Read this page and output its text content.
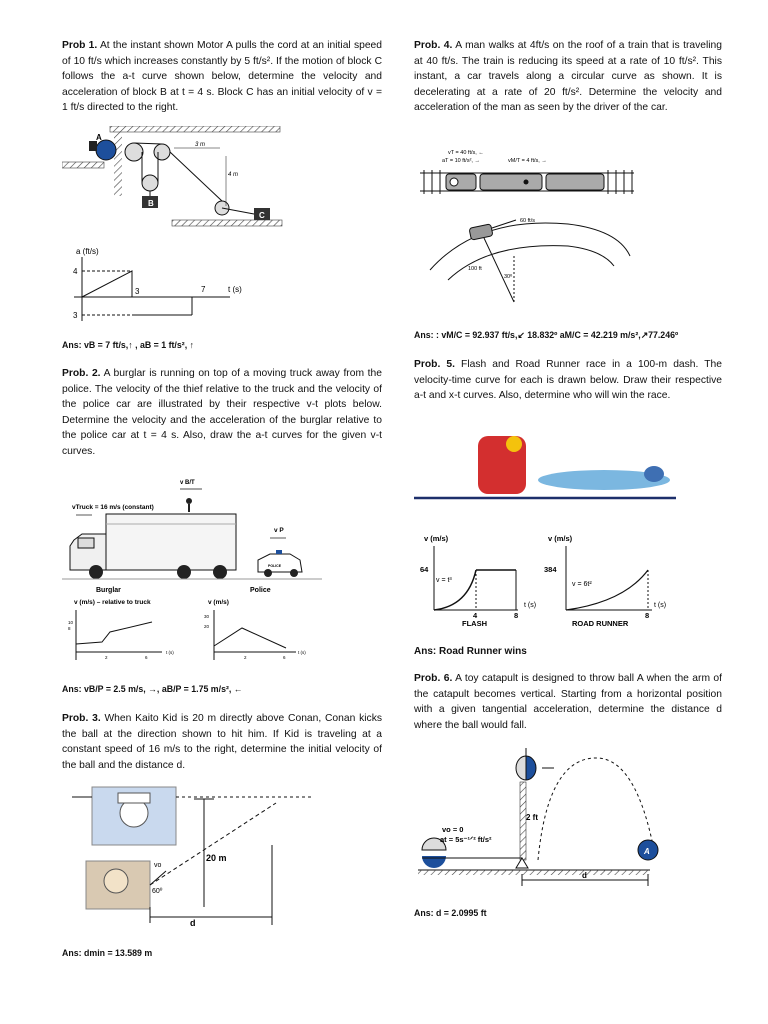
Prob 1. At the instant shown Motor A pulls the cord at an initial speed of 10 ft/s which increases constantly by 5 ft/s². If the motion of block C follows the a-t curve shown below, determine the velocity and acceleration of block B at t = 4 s. Block C has an initial velocity of v = 1 ft/s directed to the right.

A
B
C
3 m
4 m
a (ft/s)
t (s)
4
3
3	7

Ans: vB = 7 ft/s,↑ , aB = 1 ft/s², ↑

Prob. 2. A burglar is running on top of a moving truck away from the police. The velocity of the thief relative to the truck and the velocity of the police car are illustrated by their respective v-t plots below. Determine the velocity and the acceleration of the burglar relative to the police car at t = 4 s. Also, draw the a-t curves for the given v-t curves.

v B/T
vTruck = 16 m/s (constant)
v P
POLICE
Burglar
v (m/s) – relative to truck
10
8
2	6
t (s)
Police
v (m/s)
30
20
2	6
t (s)

Ans: vB/P = 2.5 m/s, →, aB/P = 1.75 m/s², ←

Prob. 3. When Kaito Kid is 20 m directly above Conan, Conan kicks the ball at the direction shown to hit him. If Kid is traveling at a constant speed of 16 m/s to the right, determine the initial velocity of the ball and the distance d.

vo
60º
20 m
d

Ans: dmin = 13.589 m

Prob. 4. A man walks at 4ft/s on the roof of a train that is traveling at 40 ft/s. The train is reducing its speed at a rate of 10 ft/s². This instant, a car travels along a circular curve as shown. It is decelerating at a rate of 20 ft/s². Determine the velocity and acceleration of the man as seen by the driver of the car.

vT = 40 ft/s, ←
aT = 10 ft/s², →	vM/T = 4 ft/s, →
60 ft/s
100 ft
30º

Ans: : vM/C = 92.937 ft/s,↙ 18.832º aM/C = 42.219 m/s²,↗77.246º

Prob. 5. Flash and Road Runner race in a 100-m dash. The velocity-time curve for each is drawn below. Draw their respective a-t and x-t curves. Also, determine who will win the race.

v (m/s)
64
v = t³
4	8
t (s)
FLASH
v (m/s)
384
v = 6t²
8
t (s)
ROAD RUNNER

Ans: Road Runner wins

Prob. 6. A toy catapult is designed to throw ball A when the arm of the catapult becomes vertical. Starting from a horizontal position with a given tangential acceleration, determine the distance d where the ball would fall.

2 ft
vo = 0
at = 5s⁻¹ᐟ² ft/s²
A
d

Ans: d = 2.0995 ft
